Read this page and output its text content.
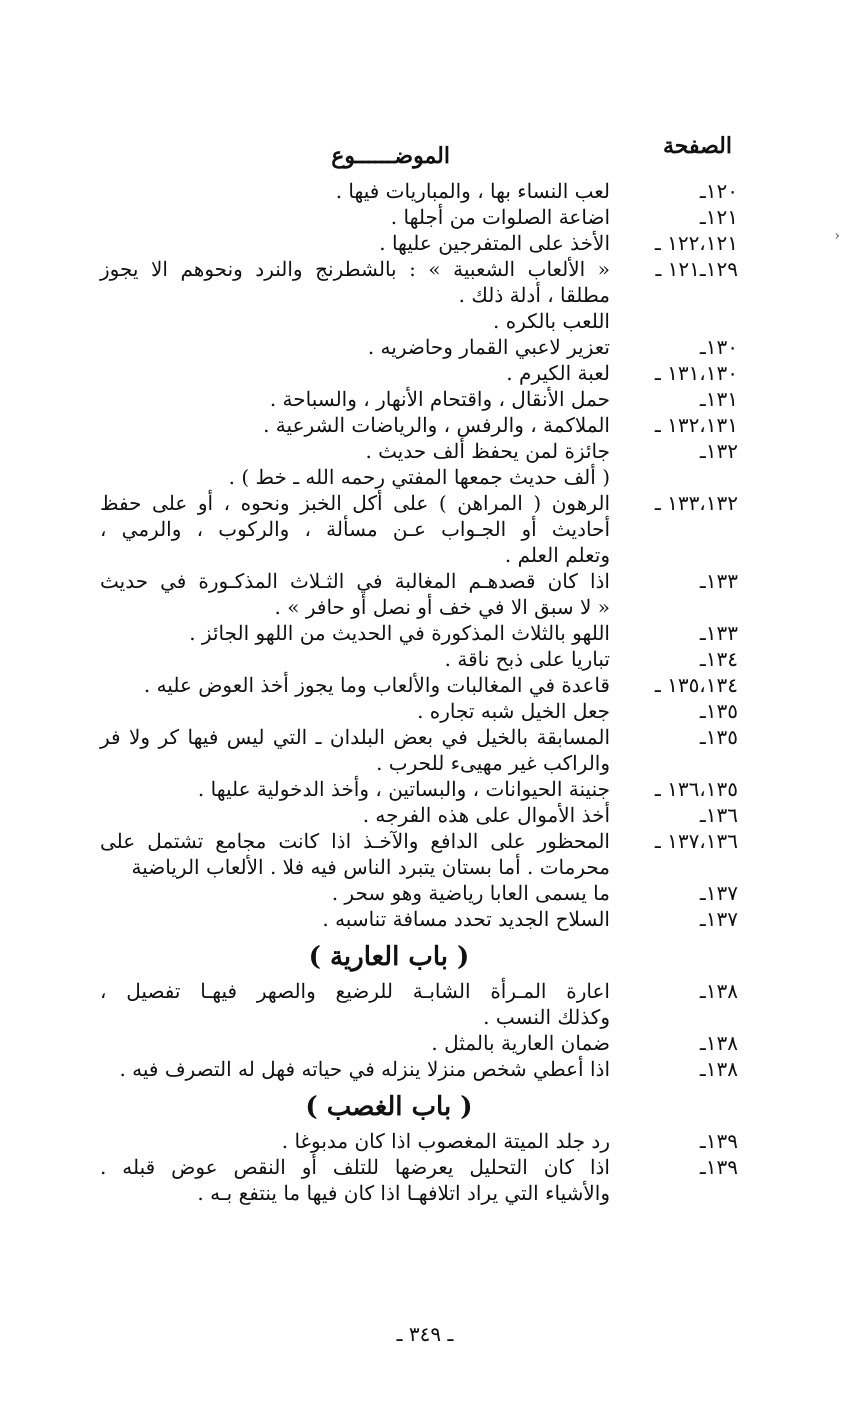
الصفحة
الموضــــــوع
١٢٠ـ
لعب النساء بها ، والمباريات فيها .
١٢١ـ
اضاعة الصلوات من أجلها .
١٢٢،١٢١ ـ
الأخذ على المتفرجين عليها .
١٢٩ـ١٢١ ـ
« الألعاب الشعبية » : بالشطرنج والنرد ونحوهم الا يجوز
مطلقا ، أدلة ذلك .
اللعب بالكره .
١٣٠ـ
تعزير لاعبي القمار وحاضريه .
١٣١،١٣٠ ـ
لعبة الكيرم .
١٣١ـ
حمل الأنقال ، واقتحام الأنهار ، والسباحة .
١٣٢،١٣١ ـ
الملاكمة ، والرفس ، والرياضات الشرعية .
١٣٢ـ
جائزة لمن يحفظ ألف حديث .
( ألف حديث جمعها المفتي رحمه الله ـ خط ) .
١٣٣،١٣٢ ـ
الرهون ( المراهن ) على أكل الخبز ونحوه ، أو على حفظ
أحاديث أو الجـواب عـن مسألة ، والركوب ، والرمي ،
وتعلم العلم .
١٣٣ـ
اذا كان قصدهـم المغالبة في الثـلاث المذكـورة في حديث
« لا سبق الا في خف أو نصل أو حافر » .
١٣٣ـ
اللهو بالثلاث المذكورة في الحديث من اللهو الجائز .
١٣٤ـ
تباريا على ذبح ناقة .
١٣٥،١٣٤ ـ
قاعدة في المغالبات والألعاب وما يجوز أخذ العوض عليه .
١٣٥ـ
جعل الخيل شبه تجاره .
١٣٥ـ
المسابقة بالخيل في بعض البلدان ـ التي ليس فيها كر ولا فر
والراكب غير مهيىء للحرب .
١٣٦،١٣٥ ـ
جنينة الحيوانات ، والبساتين ، وأخذ الدخولية عليها .
١٣٦ـ
أخذ الأموال على هذه الفرجه .
١٣٧،١٣٦ ـ
المحظور على الدافع والآخـذ اذا كانت مجامع تشتمل على
محرمات . أما بستان يتبرد الناس فيه فلا . الألعاب الرياضية
١٣٧ـ
ما يسمى العابا رياضية وهو سحر .
١٣٧ـ
السلاح الجديد تحدد مسافة تناسبه .
( باب العارية )
١٣٨ـ
اعارة المـرأة الشابـة للرضيع والصهر فيهـا تفصيل ،
وكذلك النسب .
١٣٨ـ
ضمان العارية بالمثل .
١٣٨ـ
اذا أعطي شخص منزلا ينزله في حياته فهل له التصرف فيه .
( باب الغصب )
١٣٩ـ
رد جلد الميتة المغصوب اذا كان مدبوغا .
١٣٩ـ
اذا كان التحليل يعرضها للتلف أو النقص عوض قبله .
والأشياء التي يراد اتلافهـا اذا كان فيها ما ينتفع بـه .
ـ ٣٤٩ ـ
›
